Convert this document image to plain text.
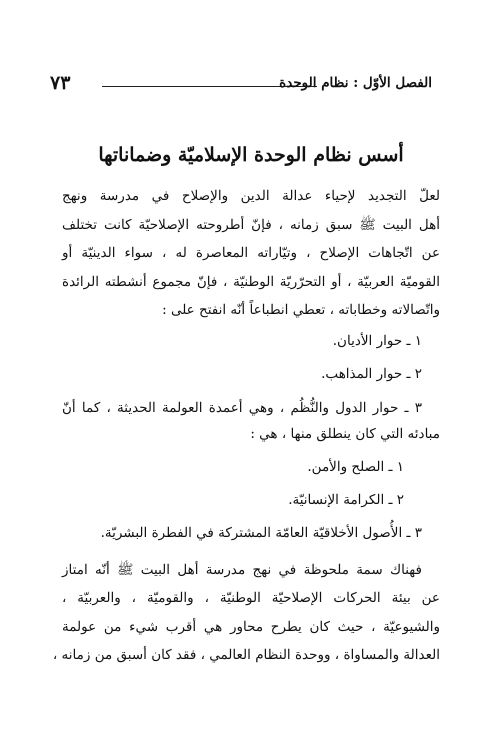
٧٣	الفصل الأوّل : نظام الوحدة
أسس نظام الوحدة الإسلاميّة وضماناتها
لعلّ التجديد لإحياء عدالة الدين والإصلاح في مدرسة ونهج
أهل البيت ﷺ سبق زمانه ، فإنّ أطروحته الإصلاحيّة كانت تختلف
عن اتّجاهات الإصلاح ، وتيّاراته المعاصرة له ، سواء الدينيّة أو
القوميّة العربيّة ، أو التحرّريّة الوطنيّة ، فإنّ مجموع أنشطته الرائدة
واتّصالاته وخطاباته ، تعطي انطباعاً أنّه انفتح على :
١ ـ حوار الأديان.
٢ ـ حوار المذاهب.
٣ ـ حوار الدول والنُّظُم ، وهي أعمدة العولمة الحديثة ، كما أنّ
مبادئه التي كان ينطلق منها ، هي :
١ ـ الصلح والأمن.
٢ ـ الكرامة الإنسانيّة.
٣ ـ الأُصول الأخلاقيّة العامّة المشتركة في الفطرة البشريّة.
فهناك سمة ملحوظة في نهج مدرسة أهل البيت ﷺ أنّه امتاز
عن بيئة الحركات الإصلاحيّة الوطنيّة ، والقوميّة ، والعربيّة ،
والشيوعيّة ، حيث كان يطرح محاور هي أقرب شيء من عولمة
العدالة والمساواة ، ووحدة النظام العالمي ، فقد كان أسبق من زمانه ،
